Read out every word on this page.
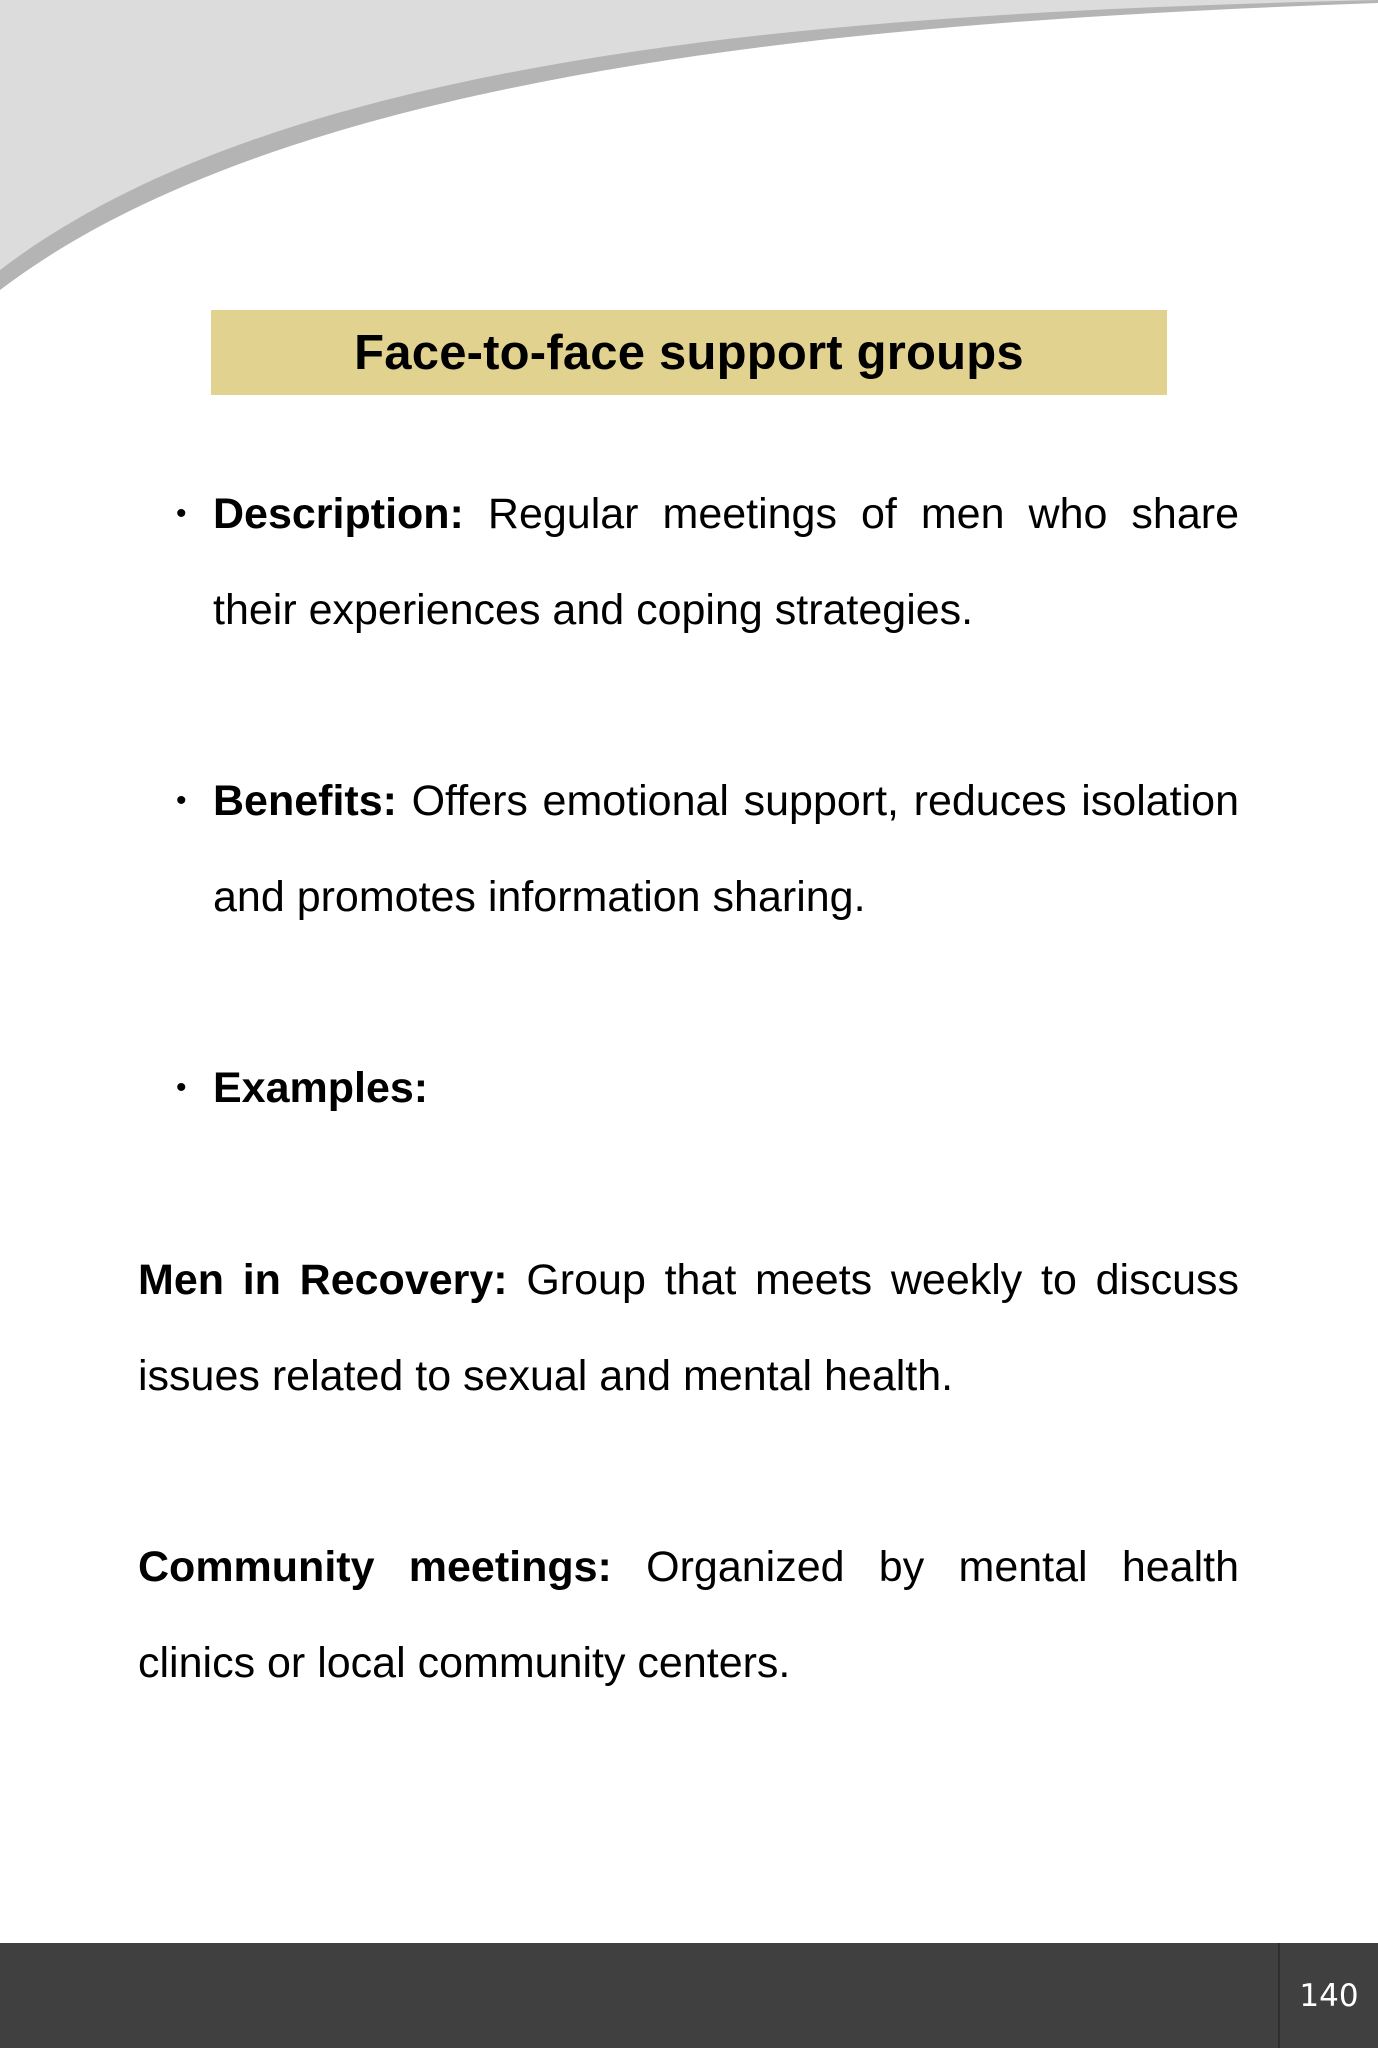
Face-to-face support groups
• Description: Regular meetings of men who share their experiences and coping strategies.
• Benefits: Offers emotional support, reduces isolation and promotes information sharing.
• Examples:

Men in Recovery: Group that meets weekly to discuss issues related to sexual and mental health.

Community meetings: Organized by mental health clinics or local community centers.

140
